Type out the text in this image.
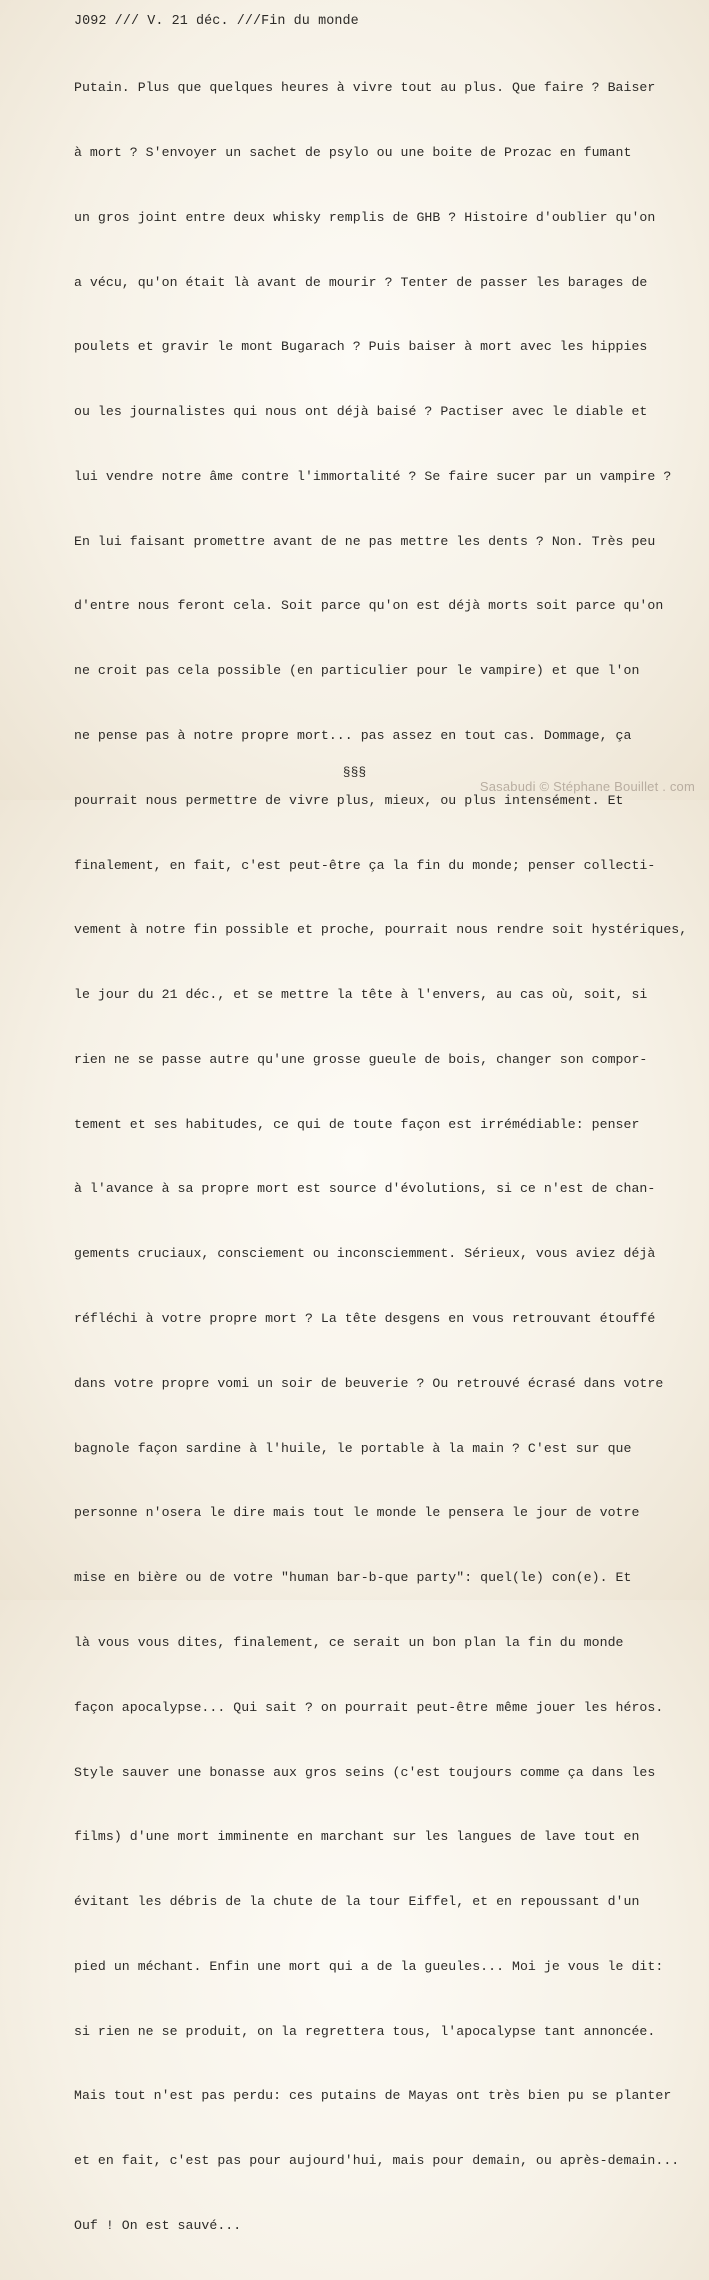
J092 /// V. 21 déc. ///Fin du monde

Putain. Plus que quelques heures à vivre tout au plus. Que faire ? Baiser

à mort ? S'envoyer un sachet de psylo ou une boite de Prozac en fumant

un gros joint entre deux whisky remplis de GHB ? Histoire d'oublier qu'on

a vécu, qu'on était là avant de mourir ? Tenter de passer les barages de

poulets et gravir le mont Bugarach ? Puis baiser à mort avec les hippies

ou les journalistes qui nous ont déjà baisé ? Pactiser avec le diable et

lui vendre notre âme contre l'immortalité ? Se faire sucer par un vampire ?

En lui faisant promettre avant de ne pas mettre les dents ? Non. Très peu

d'entre nous feront cela. Soit parce qu'on est déjà morts soit parce qu'on

ne croit pas cela possible (en particulier pour le vampire) et que l'on

ne pense pas à notre propre mort... pas assez en tout cas. Dommage, ça

pourrait nous permettre de vivre plus, mieux, ou plus intensément. Et

finalement, en fait, c'est peut-être ça la fin du monde; penser collecti-

vement à notre fin possible et proche, pourrait nous rendre soit hystériques,

le jour du 21 déc., et se mettre la tête à l'envers, au cas où, soit, si

rien ne se passe autre qu'une grosse gueule de bois, changer son compor-

tement et ses habitudes, ce qui de toute façon est irrémédiable: penser

à l'avance à sa propre mort est source d'évolutions, si ce n'est de chan-

gements cruciaux, consciement ou inconsciemment. Sérieux, vous aviez déjà

réfléchi à votre propre mort ? La tête desgens en vous retrouvant étouffé

dans votre propre vomi un soir de beuverie ? Ou retrouvé écrasé dans votre

bagnole façon sardine à l'huile, le portable à la main ? C'est sur que

personne n'osera le dire mais tout le monde le pensera le jour de votre

mise en bière ou de votre "human bar-b-que party": quel(le) con(e). Et

là vous vous dites, finalement, ce serait un bon plan la fin du monde

façon apocalypse... Qui sait ? on pourrait peut-être même jouer les héros.

Style sauver une bonasse aux gros seins (c'est toujours comme ça dans les

films) d'une mort imminente en marchant sur les langues de lave tout en

évitant les débris de la chute de la tour Eiffel, et en repoussant d'un

pied un méchant. Enfin une mort qui a de la gueules... Moi je vous le dit:

si rien ne se produit, on la regrettera tous, l'apocalypse tant annoncée.

Mais tout n'est pas perdu: ces putains de Mayas ont très bien pu se planter

et en fait, c'est pas pour aujourd'hui, mais pour demain, ou après-demain...

Ouf ! On est sauvé...

§§§
Sasabudi © Stéphane Bouillet . com
